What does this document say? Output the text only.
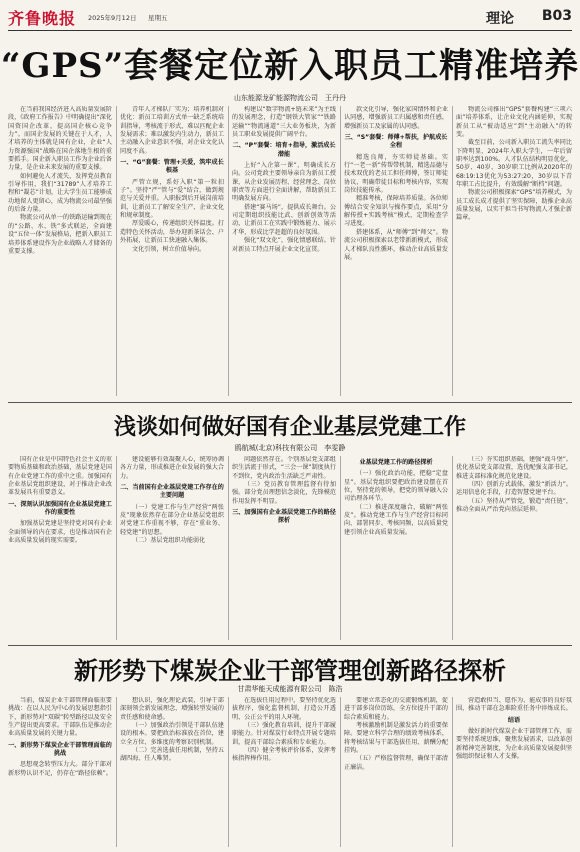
齐鲁晚报 2025年9月12日 星期五	理论 B03
“GPS”套餐定位新入职员工精准培养
山东能源龙矿能源物流公司　王丹丹

在当前我国经济进入高质量发展阶段，《政府工作报告》中明确提出“深化国资国企改革，提高国企核心竞争力”。而国企发展的关键在于人才，人才培养的主体就是国有企业，企业“人力资源强国”战略在国企落地生根的重要抓手。国企新入职员工作为企业后备力量，是企业未来发展的重要支撑。

如何避免人才流失，发挥党员教育引导作用，我们“31789”人才培养工程和“凝芯”计划，让大学生员工能够成功地留人更留心，成为物流公司最坚强的后备力量。

物流公司从单一的铁路运输到现在的“公路、水、铁”多式联运，全面建设“五位一体”发展格局，把新入职员工培养体系建设作为企业战略人才储备的重要支撑。

青年人才梯队厂实为；培养机制对优化：新员工培训方式单一缺乏系统培训指导，考核流于形式，难以匹配企业发展需求；难以激发内生动力，新员工主动融入企业意识不强，对企业文化认同度不高。

一、“G”套餐：管理+关爱，筑牢成长根基

严管立规，系好入职“第一粒扣子”。坚持“严”管与“爱”结合，做到规范与关爱并重。入职报到后开展岗前培训，让新员工了解安全生产、企业文化和规章制度。

厚爱暖心，传递组织关怀温度。打造特色关怀活动，举办迎新茶话会、户外拓展，让新员工快速融入集体。

文化引领，树立价值导向。

构建以“数字物流+链未来”为主线的发展理念，打造“钢铁大管家”“铁路运输”“物流通道”三大业务板块，为新员工职业发展提供广阔平台。

二、“P”套餐：培育+指导，激活成长潜能

上好“入企第一课”，明确成长方向。公司党政主要领导亲自为新员工授课，从企业发展历程、经营理念、岗位职责等方面进行全面讲解，帮助新员工明确发展方向。

搭建“赛马场”，提供成长舞台。公司定期组织技能比武、创新创效等活动，让新员工在实践中锻炼能力、展示才华，形成比学赶超的良好氛围。

强化“双文化”，强化情感联结。针对新员工特点开展企业文化宣贯。

款文化引导，强化家国情怀和企业认同感，增强新员工归属感和责任感，增强新员工及家属的认同感。

三、“S”套餐：师傅+帮扶，护航成长全程

精选良师，夯实师徒基础。实行“一老一新”传帮带机制，精选品德与技术双优的老员工担任师傅，签订师徒协议，明确带徒目标和考核内容，实现岗位技能传承。

精准考核，保障培养质量。各位师傅结合安全知识与操作要点，采用“分解传授+实践考核”模式，定期检查学习进度。

搭建体系，从“师傅”到“师父”。物流公司积极探索以老带新新模式，形成人才梯队良性循环，推动企业高质量发展。

物流公司推出“GPS”套餐构建“三项六面”培养体系，让企业文化内涵延伸，实现新员工从“被动适应”到“主动融入”的转变。

截至目前，公司新入职员工流失率同比下降明显，2024年入职大学生，一年后留职率达到100%。人才队伍结构明显优化，50岁、40岁、30岁职工比例从2020年的68:19:13优化为53:27:20，30岁以下青年职工占比提升，有效缓解“断档”问题。

物流公司积极探索“GPS”培养模式，为员工成长成才提供了坚实保障，助推企业高质量发展，以实干担当书写物流人才强企新篇章。

浅谈如何做好国有企业基层党建工作
鸥航城(北京)科技有限公司　李雯静

国有企业是中国特色社会主义的重要物质基础和政治基础，基层党建是国有企业党建工作的重中之重。加强国有企业基层党组织建设，对于推动企业改革发展具有重要意义。

一、深刻认识加强国有企业基层党建工作的重要性

加强基层党建是坚持党对国有企业全面领导的内在要求，也是推动国有企业高质量发展的现实需要。

建设能够有效凝聚人心，统筹协调各方力量，形成推进企业发展的强大合力。

二、当前国有企业基层党建工作存在的主要问题

（一）党建工作与生产经营“两张皮”现象依然存在部分企业基层党组织对党建工作重视不够，存在“重业务、轻党建”的思想。

（二）基层党组织功能弱化

问题依然存在。个别基层党支部组织生活流于形式，“三会一课”制度执行不到位，党内政治生活缺乏严肃性。

（三）党员教育管理监督有待加强。部分党员理想信念淡化，先锋模范作用发挥不明显。

三、加强国有企业基层党建工作的路径探析

业基层党建工作的路径探析

（一）强化政治功能，把稳“定盘星”。基层党组织要把政治建设摆在首位，坚持党的领导，把党的领导融入公司治理各环节。

（二）推进深度融合，破解“两张皮”。推动党建工作与生产经营目标同向、部署同步、考核同频，以高质量党建引领企业高质量发展。

（三）夯实组织基础，建强“战斗堡”。优化基层党支部设置，选优配强支部书记，推进支部标准化规范化建设。

（四）创新方式载体，激发“新活力”。运用信息化手段，打造智慧党建平台。

（五）坚持从严管党，锻造“责任链”，推动全面从严治党向基层延伸。

新形势下煤炭企业干部管理创新路径探析
甘肃华能天成能源有限公司　陈浩

当前，煤炭企业干部管理面临重要挑战：在以人民为中心的发展思想指引下，新形势对“双碳”转型路径以及安全生产提出更高要求。干部队伍是推动企业高质量发展的关键力量。

一、新形势下煤炭企业干部管理面临的挑战

思想观念转型压力大。部分干部对新形势认识不足，仍存在“路径依赖”。

想认识，强化理论武装，引导干部深刻领会新发展理念，增强转型发展的责任感和使命感。

（一）加强政治引领是干部队伍建设的根本。要把政治标准放在首位，建立全方位、多维度的考察识别机制。

（二）完善选拔任用机制，坚持五湖四海、任人唯贤。

在选拔任用过程中，要坚持优化选拔程序，强化监督机制，打造公开透明、公正公平的用人环境。

（三）强化教育培训，提升干部履职能力。针对煤炭行业特点开展专题培训，提高干部综合素质和专业能力。

（四）健全考核评价体系，发挥考核指挥棒作用。

要建立常态化的交流锻炼机制，促进干部多岗位历练，全方位提升干部的综合素质和能力。

考核激励机制是激发活力的重要保障。要建立科学合理的绩效考核体系，将考核结果与干部选拔任用、薪酬分配挂钩。

（五）严格监督管理，确保干部清正廉洁。

营造敢担当、愿作为、能成事的良好氛围，推动干部在急难险重任务中淬炼成长。

结语

做好新时代煤炭企业干部管理工作，需要坚持系统思维，聚焦发展需求，以改革创新精神完善制度，为企业高质量发展提供坚强组织保证和人才支撑。
